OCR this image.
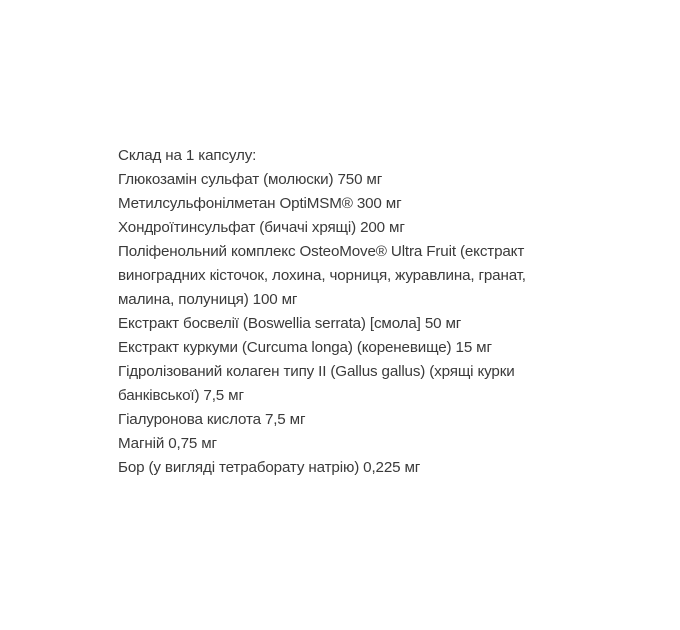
Склад на 1 капсулу:
Глюкозамін сульфат (молюски) 750 мг
Метилсульфонілметан OptiMSM® 300 мг
Хондроїтинсульфат (бичачі хрящі) 200 мг
Поліфенольний комплекс OsteoMove® Ultra Fruit (екстракт
виноградних кісточок, лохина, чорниця, журавлина, гранат,
малина, полуниця) 100 мг
Екстракт босвелії (Boswellia serrata) [смола] 50 мг
Екстракт куркуми (Curcuma longa) (кореневище) 15 мг
Гідролізований колаген типу II (Gallus gallus) (хрящі курки
банківської) 7,5 мг
Гіалуронова кислота 7,5 мг
Магній 0,75 мг
Бор (у вигляді тетраборату натрію) 0,225 мг
